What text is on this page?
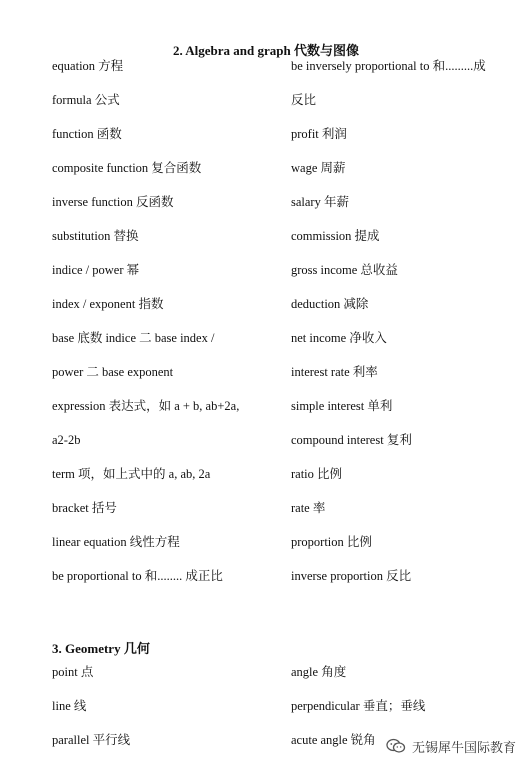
2. Algebra and graph 代数与图像
equation 方程
formula 公式
function 函数
composite function 复合函数
inverse function 反函数
substitution 替换
indice / power 幂
index / exponent 指数
base 底数 indice 二 base index /
power 二 base exponent
expression 表达式，如 a + b, ab+2a,
a2-2b
term 项，如上式中的 a, ab, 2a
bracket 括号
linear equation 线性方程
be proportional to 和........ 成正比
be inversely proportional to 和.........成
反比
profit 利润
wage 周薪
salary 年薪
commission 提成
gross income 总收益
deduction 减除
net income 净收入
interest rate 利率
simple interest 单利
compound interest 复利
ratio 比例
rate 率
proportion 比例
inverse proportion 反比
3. Geometry 几何
point 点
line 线
parallel 平行线
angle 角度
perpendicular 垂直；垂线
acute angle 锐角
无锡犀牛国际教育
